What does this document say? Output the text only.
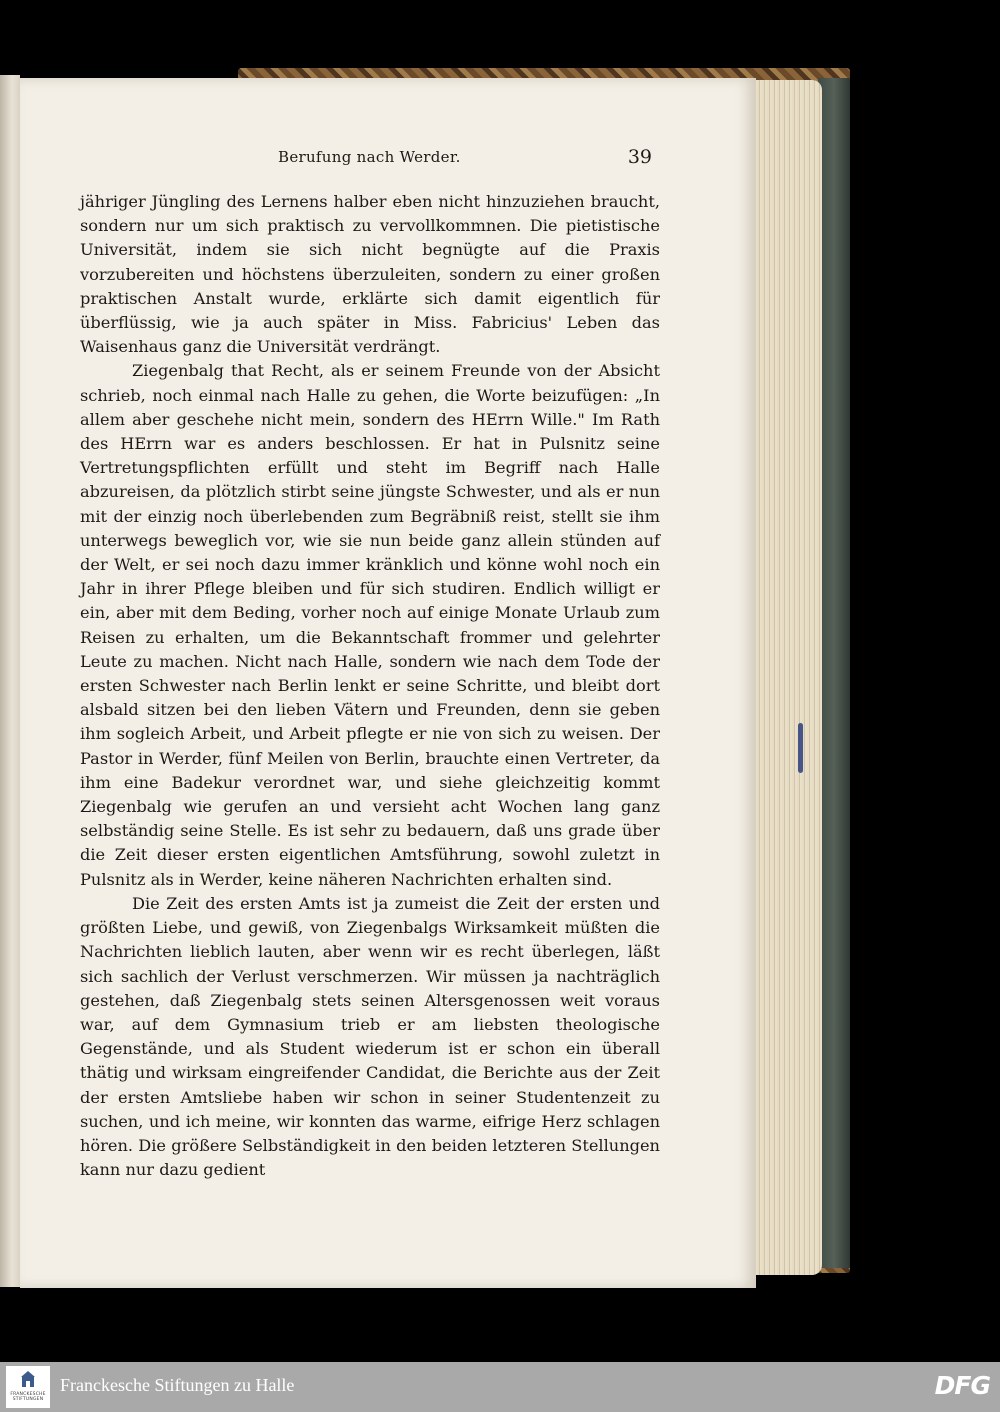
Berufung nach Werder.	39

jähriger Jüngling des Lernens halber eben nicht hinzuziehen braucht, sondern nur um sich praktisch zu vervollkommnen. Die pietistische Universität, indem sie sich nicht begnügte auf die Praxis vorzubereiten und höchstens überzuleiten, sondern zu einer großen praktischen Anstalt wurde, erklärte sich damit eigentlich für überflüssig, wie ja auch später in Miss. Fabricius' Leben das Waisenhaus ganz die Universität verdrängt.

Ziegenbalg that Recht, als er seinem Freunde von der Absicht schrieb, noch einmal nach Halle zu gehen, die Worte beizufügen: „In allem aber geschehe nicht mein, sondern des HErrn Wille." Im Rath des HErrn war es anders beschlossen. Er hat in Pulsnitz seine Vertretungspflichten erfüllt und steht im Begriff nach Halle abzureisen, da plötzlich stirbt seine jüngste Schwester, und als er nun mit der einzig noch überlebenden zum Begräbniß reist, stellt sie ihm unterwegs beweglich vor, wie sie nun beide ganz allein stünden auf der Welt, er sei noch dazu immer kränklich und könne wohl noch ein Jahr in ihrer Pflege bleiben und für sich studiren. Endlich willigt er ein, aber mit dem Beding, vorher noch auf einige Monate Urlaub zum Reisen zu erhalten, um die Bekanntschaft frommer und gelehrter Leute zu machen. Nicht nach Halle, sondern wie nach dem Tode der ersten Schwester nach Berlin lenkt er seine Schritte, und bleibt dort alsbald sitzen bei den lieben Vätern und Freunden, denn sie geben ihm sogleich Arbeit, und Arbeit pflegte er nie von sich zu weisen. Der Pastor in Werder, fünf Meilen von Berlin, brauchte einen Vertreter, da ihm eine Badekur verordnet war, und siehe gleichzeitig kommt Ziegenbalg wie gerufen an und versieht acht Wochen lang ganz selbständig seine Stelle. Es ist sehr zu bedauern, daß uns grade über die Zeit dieser ersten eigentlichen Amtsführung, sowohl zuletzt in Pulsnitz als in Werder, keine näheren Nachrichten erhalten sind.

Die Zeit des ersten Amts ist ja zumeist die Zeit der ersten und größten Liebe, und gewiß, von Ziegenbalgs Wirksamkeit müßten die Nachrichten lieblich lauten, aber wenn wir es recht überlegen, läßt sich sachlich der Verlust verschmerzen. Wir müssen ja nachträglich gestehen, daß Ziegenbalg stets seinen Altersgenossen weit voraus war, auf dem Gymnasium trieb er am liebsten theologische Gegenstände, und als Student wiederum ist er schon ein überall thätig und wirksam eingreifender Candidat, die Berichte aus der Zeit der ersten Amtsliebe haben wir schon in seiner Studentenzeit zu suchen, und ich meine, wir konnten das warme, eifrige Herz schlagen hören. Die größere Selbständigkeit in den beiden letzteren Stellungen kann nur dazu gedient

FRANCKESCHE STIFTUNGEN
Franckesche Stiftungen zu Halle	DFG
